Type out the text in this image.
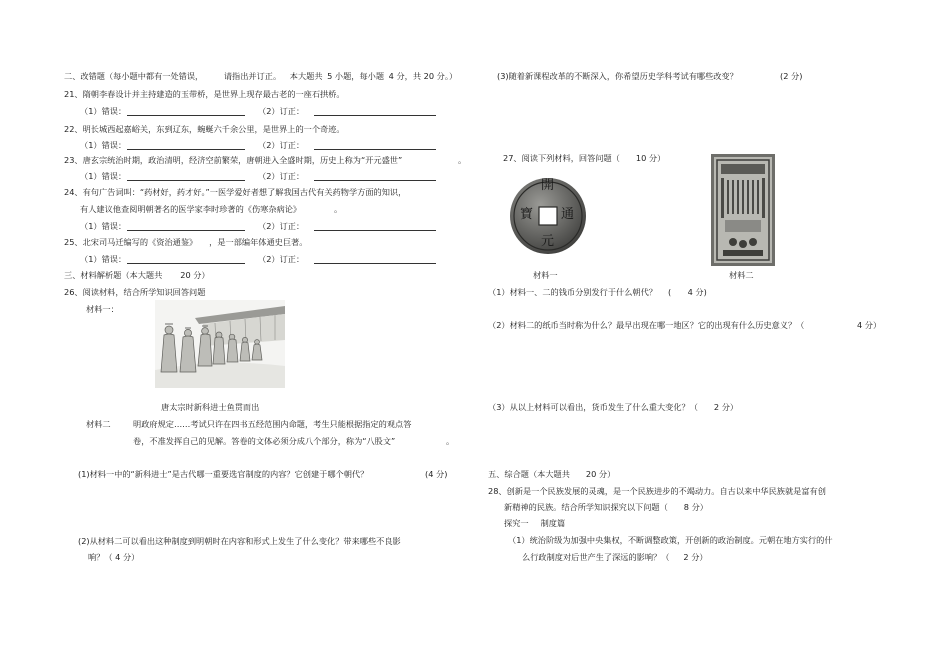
二、改错题（每小题中都有一处错误，	请指出并订正。 本大题共 5 小题，每小题 4 分，共 20 分。）
21、隋朝李春设计并主持建造的玉带桥，是世界上现存最古老的一座石拱桥。
（1）错误：	（2）订正：
22、明长城西起嘉峪关，东到辽东，蜿蜒六千余公里，是世界上的一个奇迹。
（1）错误：	（2）订正：
23、唐玄宗统治时期，政治清明，经济空前繁荣，唐朝进入全盛时期，历史上称为“开元盛世”	。
（1）错误：	（2）订正：
24、有句广告词叫：“药材好，药才好。”一医学爱好者想了解我国古代有关药物学方面的知识，
有人建议他查阅明朝著名的医学家李时珍著的《伤寒杂病论》	。
（1）错误：	（2）订正：
25、北宋司马迁编写的《资治通鉴》 ，是一部编年体通史巨著。
（1）错误：	（2）订正：
三、材料解析题（本大题共 20 分）
26、阅读材料，结合所学知识回答问题
材料一：
唐太宗时新科进士鱼贯而出
材料二	明政府规定……考试只许在四书五经范围内命题，考生只能根据指定的观点答
卷，不准发挥自己的见解。答卷的文体必须分成八个部分，称为“八股文”	。
(1)材料一中的“新科进士”是古代哪一重要选官制度的内容？它创建于哪个朝代？	(4 分)
(2)从材料二可以看出这种制度到明朝时在内容和形式上发生了什么变化？带来哪些不良影
响？（ 4 分）
(3)随着新课程改革的不断深入，你希望历史学科考试有哪些改变？	(2 分)
27、阅读下列材料，回答问题（ 10 分）
開
元
通
寶
材料一	材料二
（1）材料一、二的钱币分别发行于什么朝代？ (　　4 分)
（2）材料二的纸币当时称为什么？最早出现在哪一地区？它的出现有什么历史意义？（	4 分）
（3）从以上材料可以看出，货币发生了什么重大变化？（ 2 分）
五、综合题（本大题共 20 分）
28、创新是一个民族发展的灵魂，是一个民族进步的不竭动力。自古以来中华民族就是富有创
新精神的民族。结合所学知识探究以下问题（ 8 分）
探究一 制度篇
（1）统治阶级为加强中央集权，不断调整政策，开创新的政治制度。元朝在地方实行的什
么行政制度对后世产生了深远的影响？（ 2 分）
